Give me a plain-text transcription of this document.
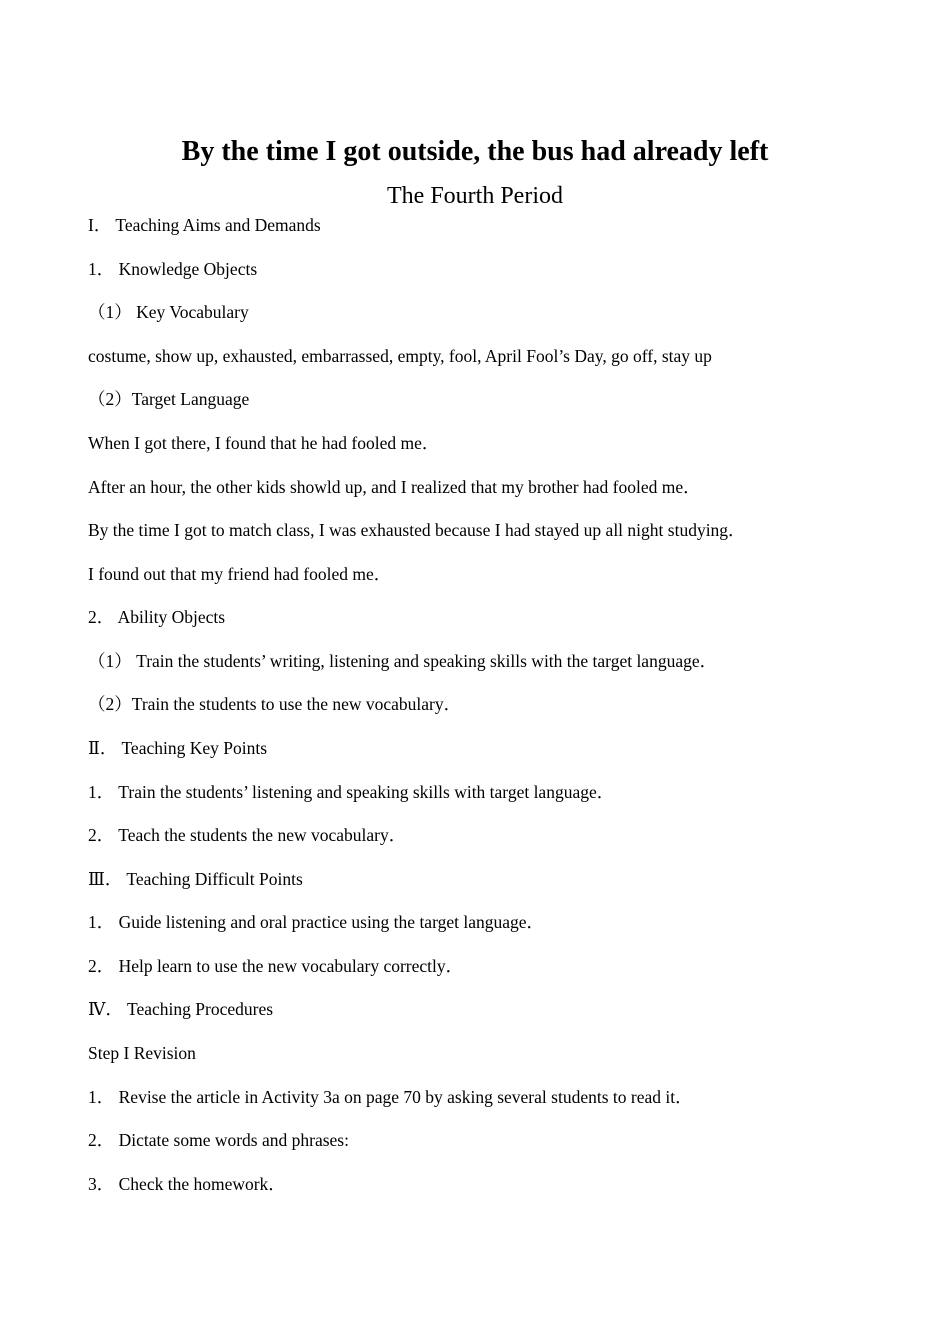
By the time I got outside, the bus had already left
The Fourth Period
I． Teaching Aims and Demands
1． Knowledge Objects
（1） Key Vocabulary
costume, show up, exhausted, embarrassed, empty, fool, April Fool’s Day, go off, stay up
（2）Target Language
When I got there, I found that he had fooled me．
After an hour, the other kids showld up, and I realized that my brother had fooled me．
By the time I got to match class, I was exhausted because I had stayed up all night studying．
I found out that my friend had fooled me．
2． Ability Objects
（1） Train the students’ writing, listening and speaking skills with the target language．
（2）Train the students to use the new vocabulary．
Ⅱ． Teaching Key Points
1． Train the students’ listening and speaking skills with target language．
2． Teach the students the new vocabulary．
Ⅲ． Teaching Difficult Points
1． Guide listening and oral practice using the target language．
2． Help learn to use the new vocabulary correctly．
Ⅳ． Teaching Procedures
Step I Revision
1． Revise the article in Activity 3a on page 70 by asking several students to read it．
2． Dictate some words and phrases:
3． Check the homework．
